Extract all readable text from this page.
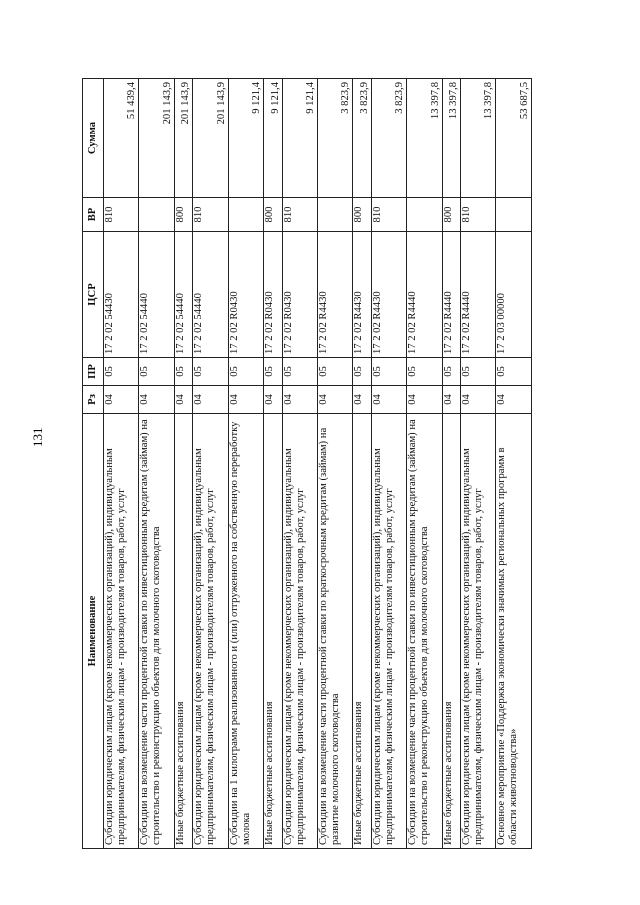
131
Наименование	Рз	ПР	ЦСР	ВР	Сумма
Субсидии юридическим лицам (кроме некоммерческих организаций), индивидуальным предпринимателям, физическим лицам - производителям товаров, работ, услуг	04	05	17 2 02 54430	810	51 439,4
Субсидии на возмещение части процентной ставки по инвестиционным кредитам (займам) на строительство и реконструкцию объектов для молочного скотоводства	04	05	17 2 02 54440		201 143,9
Иные бюджетные ассигнования	04	05	17 2 02 54440	800	201 143,9
Субсидии юридическим лицам (кроме некоммерческих организаций), индивидуальным предпринимателям, физическим лицам - производителям товаров, работ, услуг	04	05	17 2 02 54440	810	201 143,9
Субсидии на 1 килограмм реализованного и (или) отгруженного на собственную переработку молока	04	05	17 2 02 R0430		9 121,4
Иные бюджетные ассигнования	04	05	17 2 02 R0430	800	9 121,4
Субсидии юридическим лицам (кроме некоммерческих организаций), индивидуальным предпринимателям, физическим лицам - производителям товаров, работ, услуг	04	05	17 2 02 R0430	810	9 121,4
Субсидии на возмещение части процентной ставки по краткосрочным кредитам (займам) на развитие молочного скотоводства	04	05	17 2 02 R4430		3 823,9
Иные бюджетные ассигнования	04	05	17 2 02 R4430	800	3 823,9
Субсидии юридическим лицам (кроме некоммерческих организаций), индивидуальным предпринимателям, физическим лицам - производителям товаров, работ, услуг	04	05	17 2 02 R4430	810	3 823,9
Субсидии на возмещение части процентной ставки по инвестиционным кредитам (займам) на строительство и реконструкцию объектов для молочного скотоводства	04	05	17 2 02 R4440		13 397,8
Иные бюджетные ассигнования	04	05	17 2 02 R4440	800	13 397,8
Субсидии юридическим лицам (кроме некоммерческих организаций), индивидуальным предпринимателям, физическим лицам - производителям товаров, работ, услуг	04	05	17 2 02 R4440	810	13 397,8
Основное мероприятие «Поддержка экономически значимых региональных программ в области животноводства»	04	05	17 2 03 00000		53 687,5
